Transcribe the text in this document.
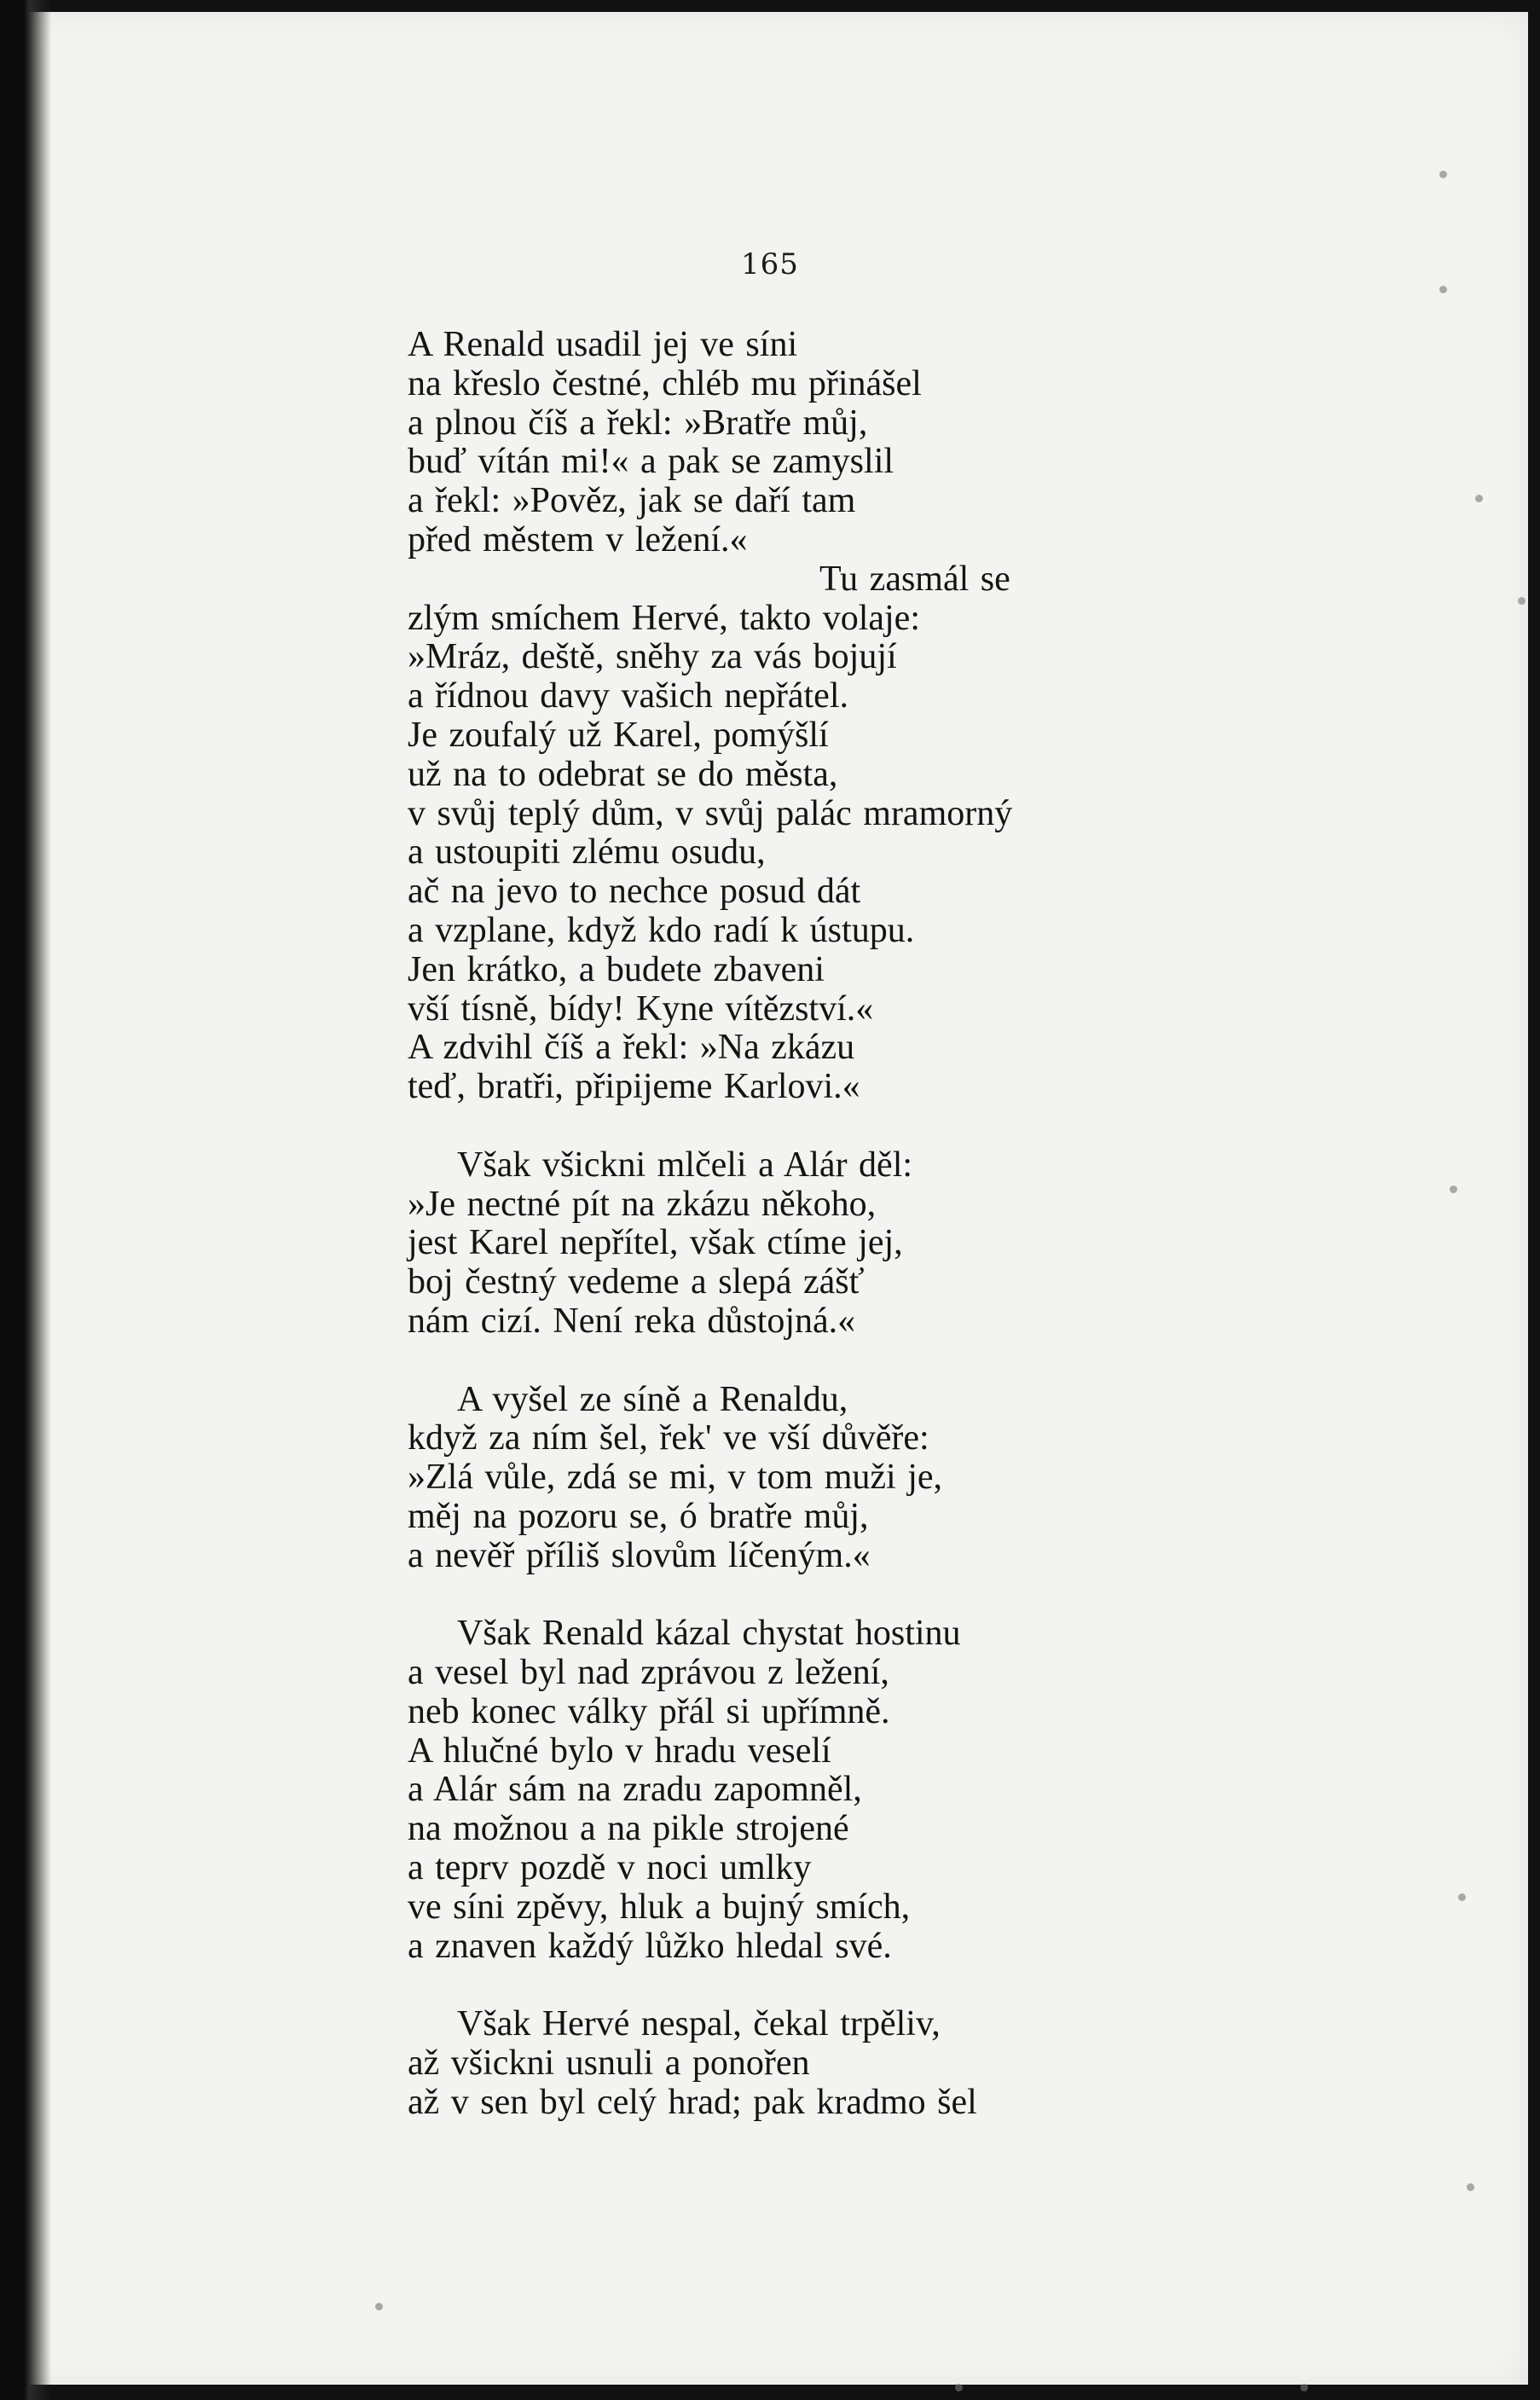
165
A Renald usadil jej ve síni
na křeslo čestné, chléb mu přinášel
a plnou číš a řekl: »Bratře můj,
buď vítán mi!« a pak se zamyslil
a řekl: »Pověz, jak se daří tam
před městem v ležení.«
Tu zasmál se
zlým smíchem Hervé, takto volaje:
»Mráz, deště, sněhy za vás bojují
a řídnou davy vašich nepřátel.
Je zoufalý už Karel, pomýšlí
už na to odebrat se do města,
v svůj teplý dům, v svůj palác mramorný
a ustoupiti zlému osudu,
ač na jevo to nechce posud dát
a vzplane, když kdo radí k ústupu.
Jen krátko, a budete zbaveni
vší tísně, bídy! Kyne vítězství.«
A zdvihl číš a řekl: »Na zkázu
teď, bratři, připijeme Karlovi.«
Však všickni mlčeli a Alár děl:
»Je nectné pít na zkázu někoho,
jest Karel nepřítel, však ctíme jej,
boj čestný vedeme a slepá zášť
nám cizí. Není reka důstojná.«
A vyšel ze síně a Renaldu,
když za ním šel, řek' ve vší důvěře:
»Zlá vůle, zdá se mi, v tom muži je,
měj na pozoru se, ó bratře můj,
a nevěř příliš slovům líčeným.«
Však Renald kázal chystat hostinu
a vesel byl nad zprávou z ležení,
neb konec války přál si upřímně.
A hlučné bylo v hradu veselí
a Alár sám na zradu zapomněl,
na možnou a na pikle strojené
a teprv pozdě v noci umlky
ve síni zpěvy, hluk a bujný smích,
a znaven každý lůžko hledal své.
Však Hervé nespal, čekal trpěliv,
až všickni usnuli a ponořen
až v sen byl celý hrad; pak kradmo šel
